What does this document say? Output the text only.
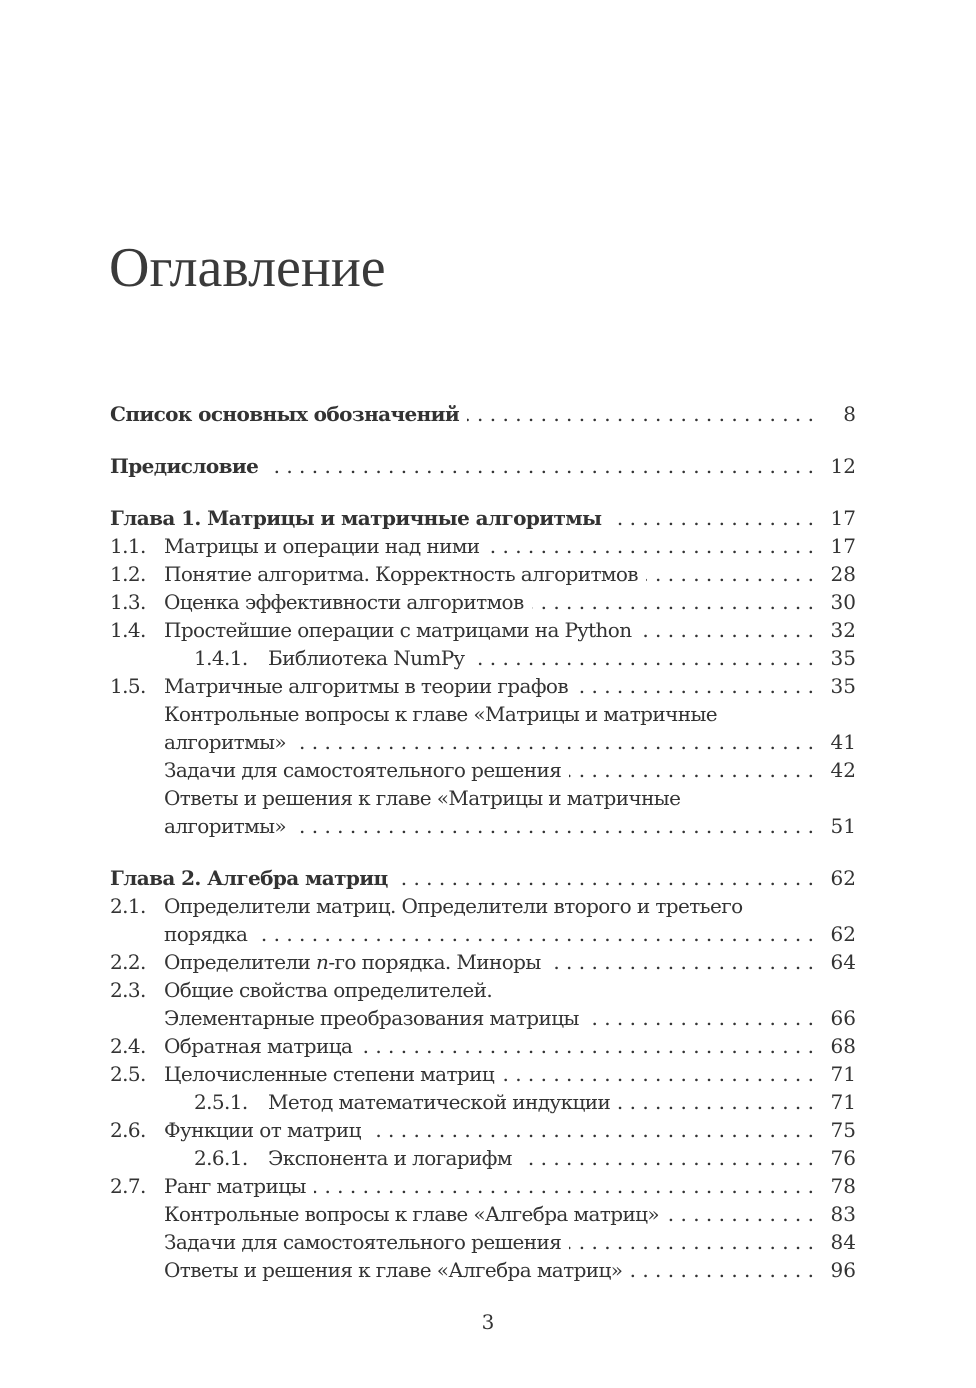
Оглавление
Список основных обозначений . . .	8
Предисловие . . .	12
Глава 1. Матрицы и матричные алгоритмы . . .	17
1.1. Матрицы и операции над ними . . .	17
1.2. Понятие алгоритма. Корректность алгоритмов . . .	28
1.3. Оценка эффективности алгоритмов . . .	30
1.4. Простейшие операции с матрицами на Python . . .	32
1.4.1.	Библиотека NumPy . . .	35
1.5. Матричные алгоритмы в теории графов . . .	35
Контрольные вопросы к главе «Матрицы и матричные
алгоритмы» . . .	41
Задачи для самостоятельного решения . . .	42
Ответы и решения к главе «Матрицы и матричные
алгоритмы» . . .	51
Глава 2. Алгебра матриц . . .	62
2.1. Определители матриц. Определители второго и третьего
порядка . . .	62
2.2. Определители n-го порядка. Миноры . . .	64
2.3. Общие свойства определителей.
Элементарные преобразования матрицы . . .	66
2.4. Обратная матрица . . .	68
2.5. Целочисленные степени матриц . . .	71
2.5.1.	Метод математической индукции . . .	71
2.6. Функции от матриц . . .	75
2.6.1.	Экспонента и логарифм . . .	76
2.7. Ранг матрицы . . .	78
Контрольные вопросы к главе «Алгебра матриц» . . .	83
Задачи для самостоятельного решения . . .	84
Ответы и решения к главе «Алгебра матриц» . . .	96
3
